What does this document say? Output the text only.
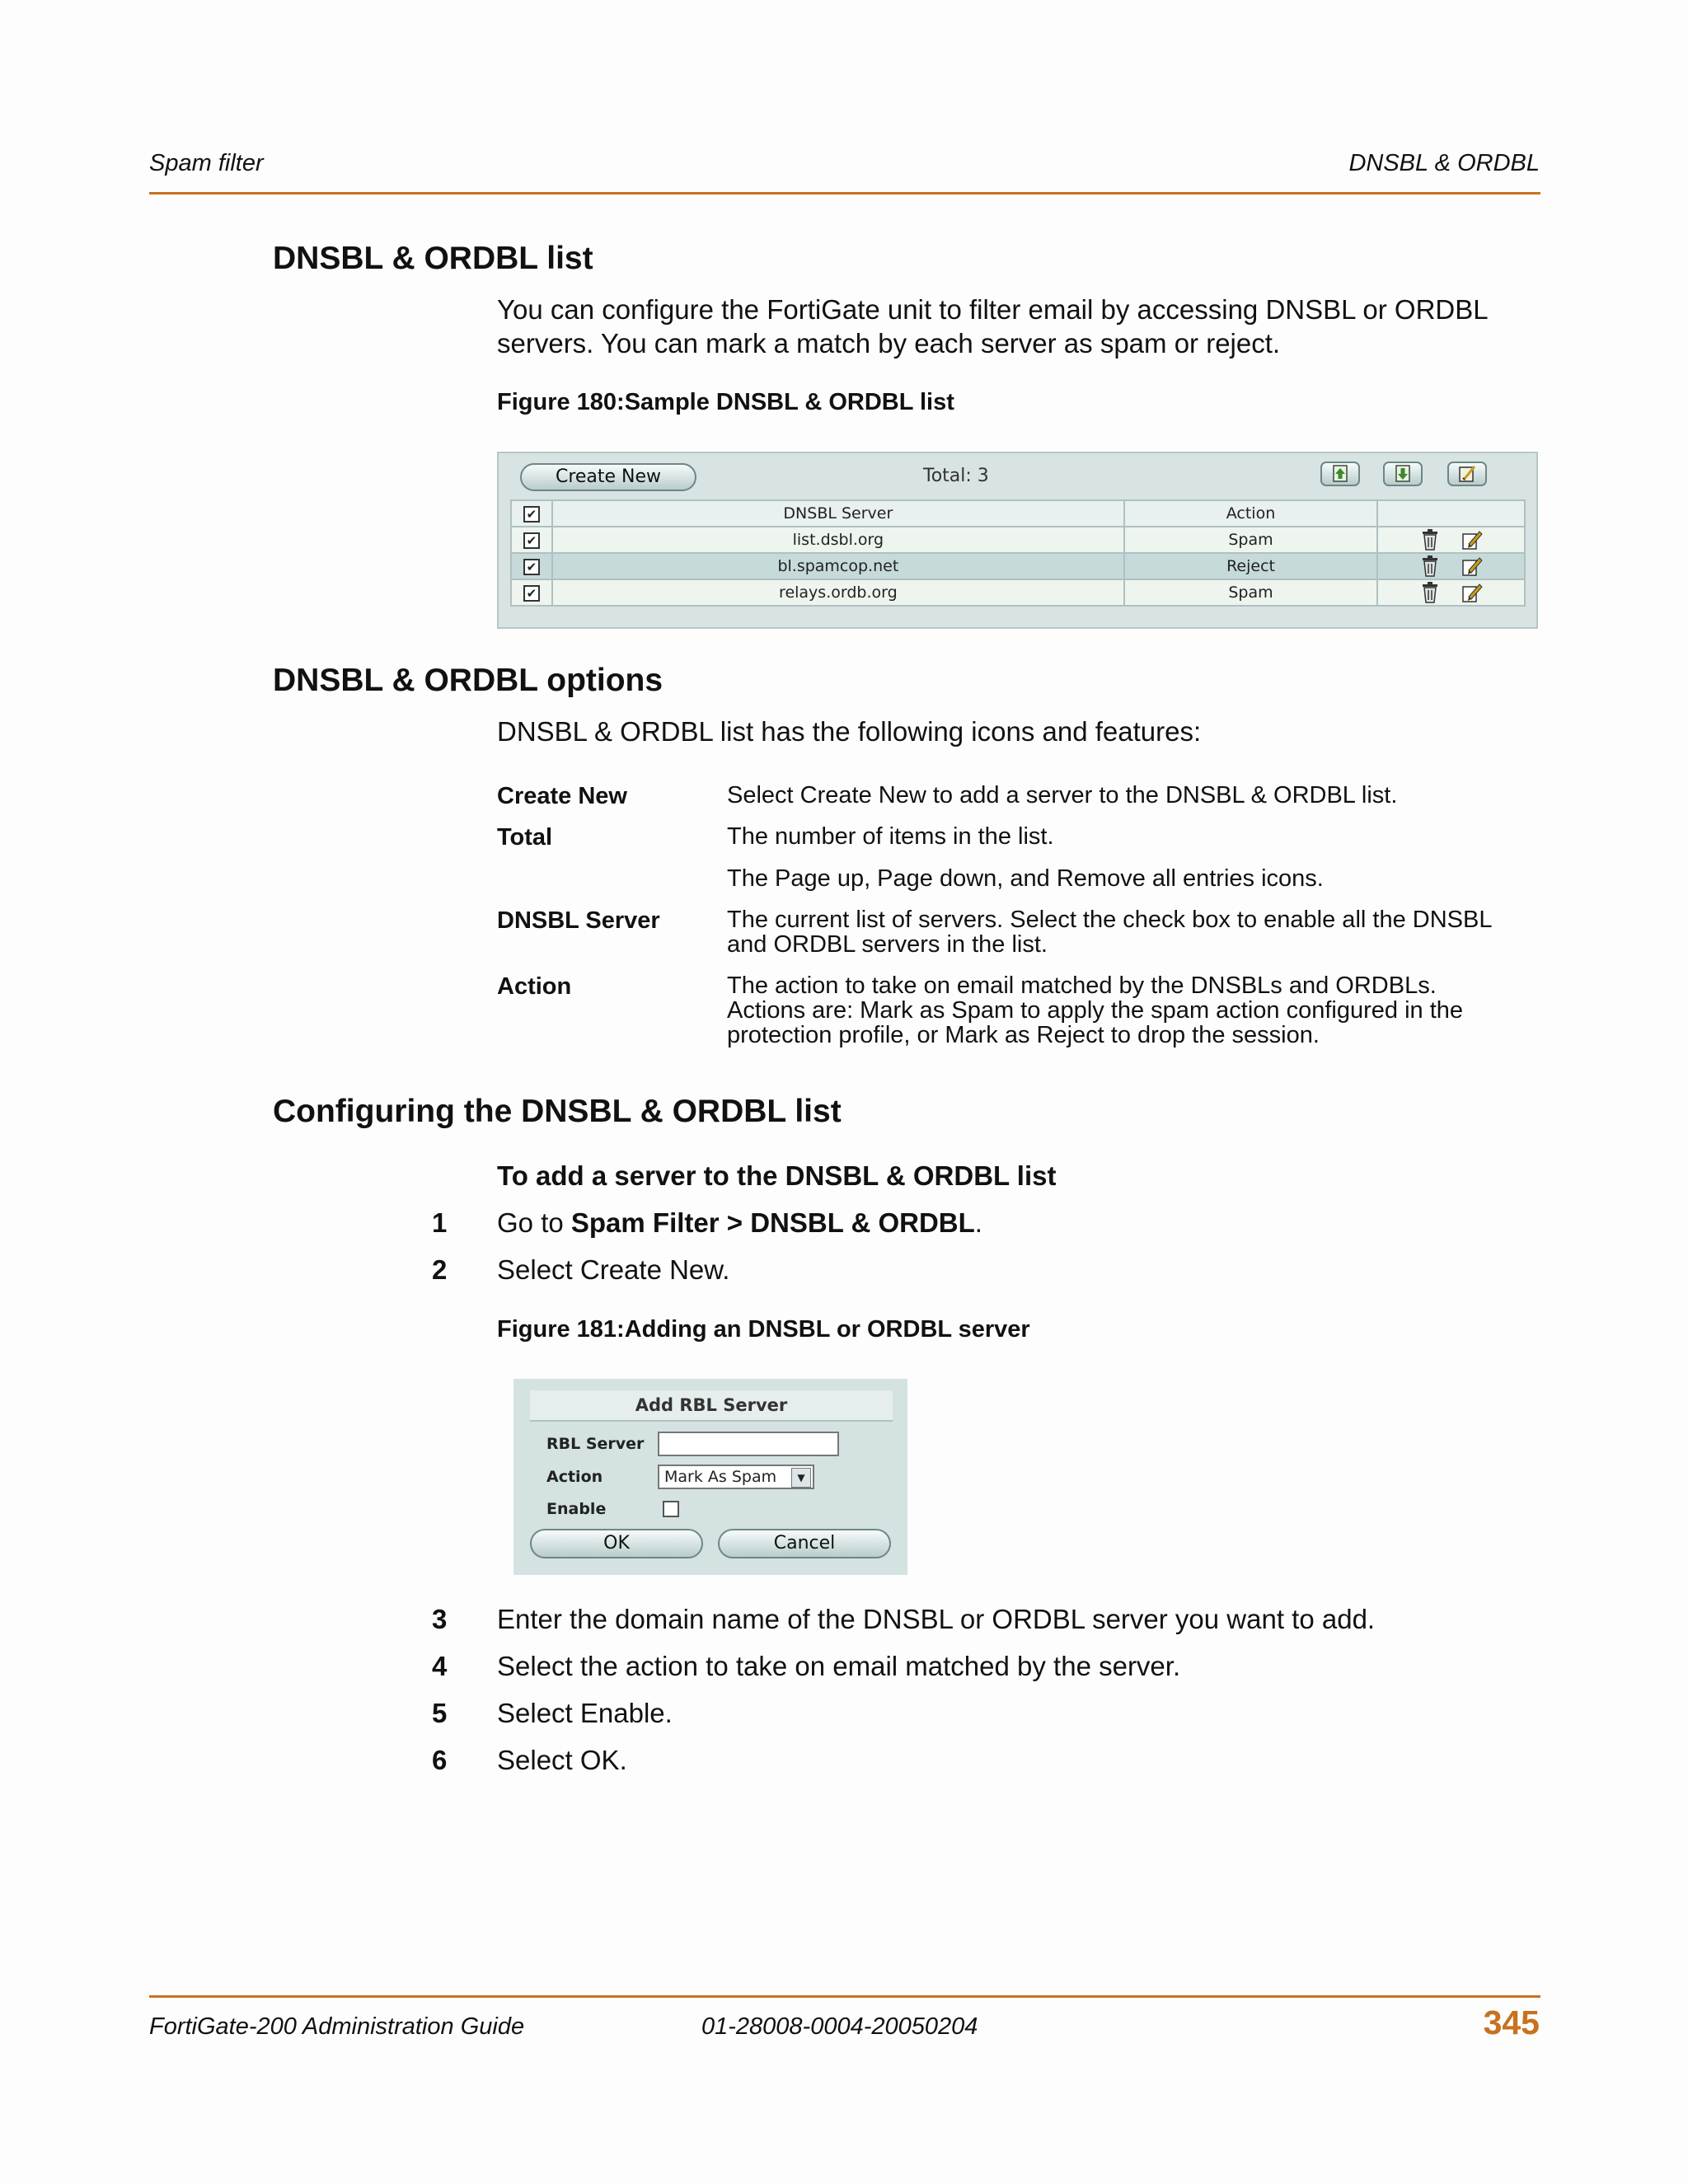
Spam filter	DNSBL & ORDBL
DNSBL & ORDBL list
You can configure the FortiGate unit to filter email by accessing DNSBL or ORDBL
servers. You can mark a match by each server as spam or reject.
Figure 180:Sample DNSBL & ORDBL list
Create New	Total: 3
✔	DNSBL Server	Action	
✔	list.dsbl.org	Spam	
✔	bl.spamcop.net	Reject	
✔	relays.ordb.org	Spam	
DNSBL & ORDBL options
DNSBL & ORDBL list has the following icons and features:
Create New	Select Create New to add a server to the DNSBL & ORDBL list.
Total	The number of items in the list.
The Page up, Page down, and Remove all entries icons.
DNSBL Server	The current list of servers. Select the check box to enable all the DNSBL
and ORDBL servers in the list.
Action	The action to take on email matched by the DNSBLs and ORDBLs.
Actions are: Mark as Spam to apply the spam action configured in the
protection profile, or Mark as Reject to drop the session.
Configuring the DNSBL & ORDBL list
To add a server to the DNSBL & ORDBL list
1 Go to Spam Filter > DNSBL & ORDBL.
2 Select Create New.
Figure 181:Adding an DNSBL or ORDBL server
Add RBL Server
RBL Server
Action	Mark As Spam	▼
Enable
OK	Cancel
3 Enter the domain name of the DNSBL or ORDBL server you want to add.
4 Select the action to take on email matched by the server.
5 Select Enable.
6 Select OK.
FortiGate-200 Administration Guide	01-28008-0004-20050204	345
